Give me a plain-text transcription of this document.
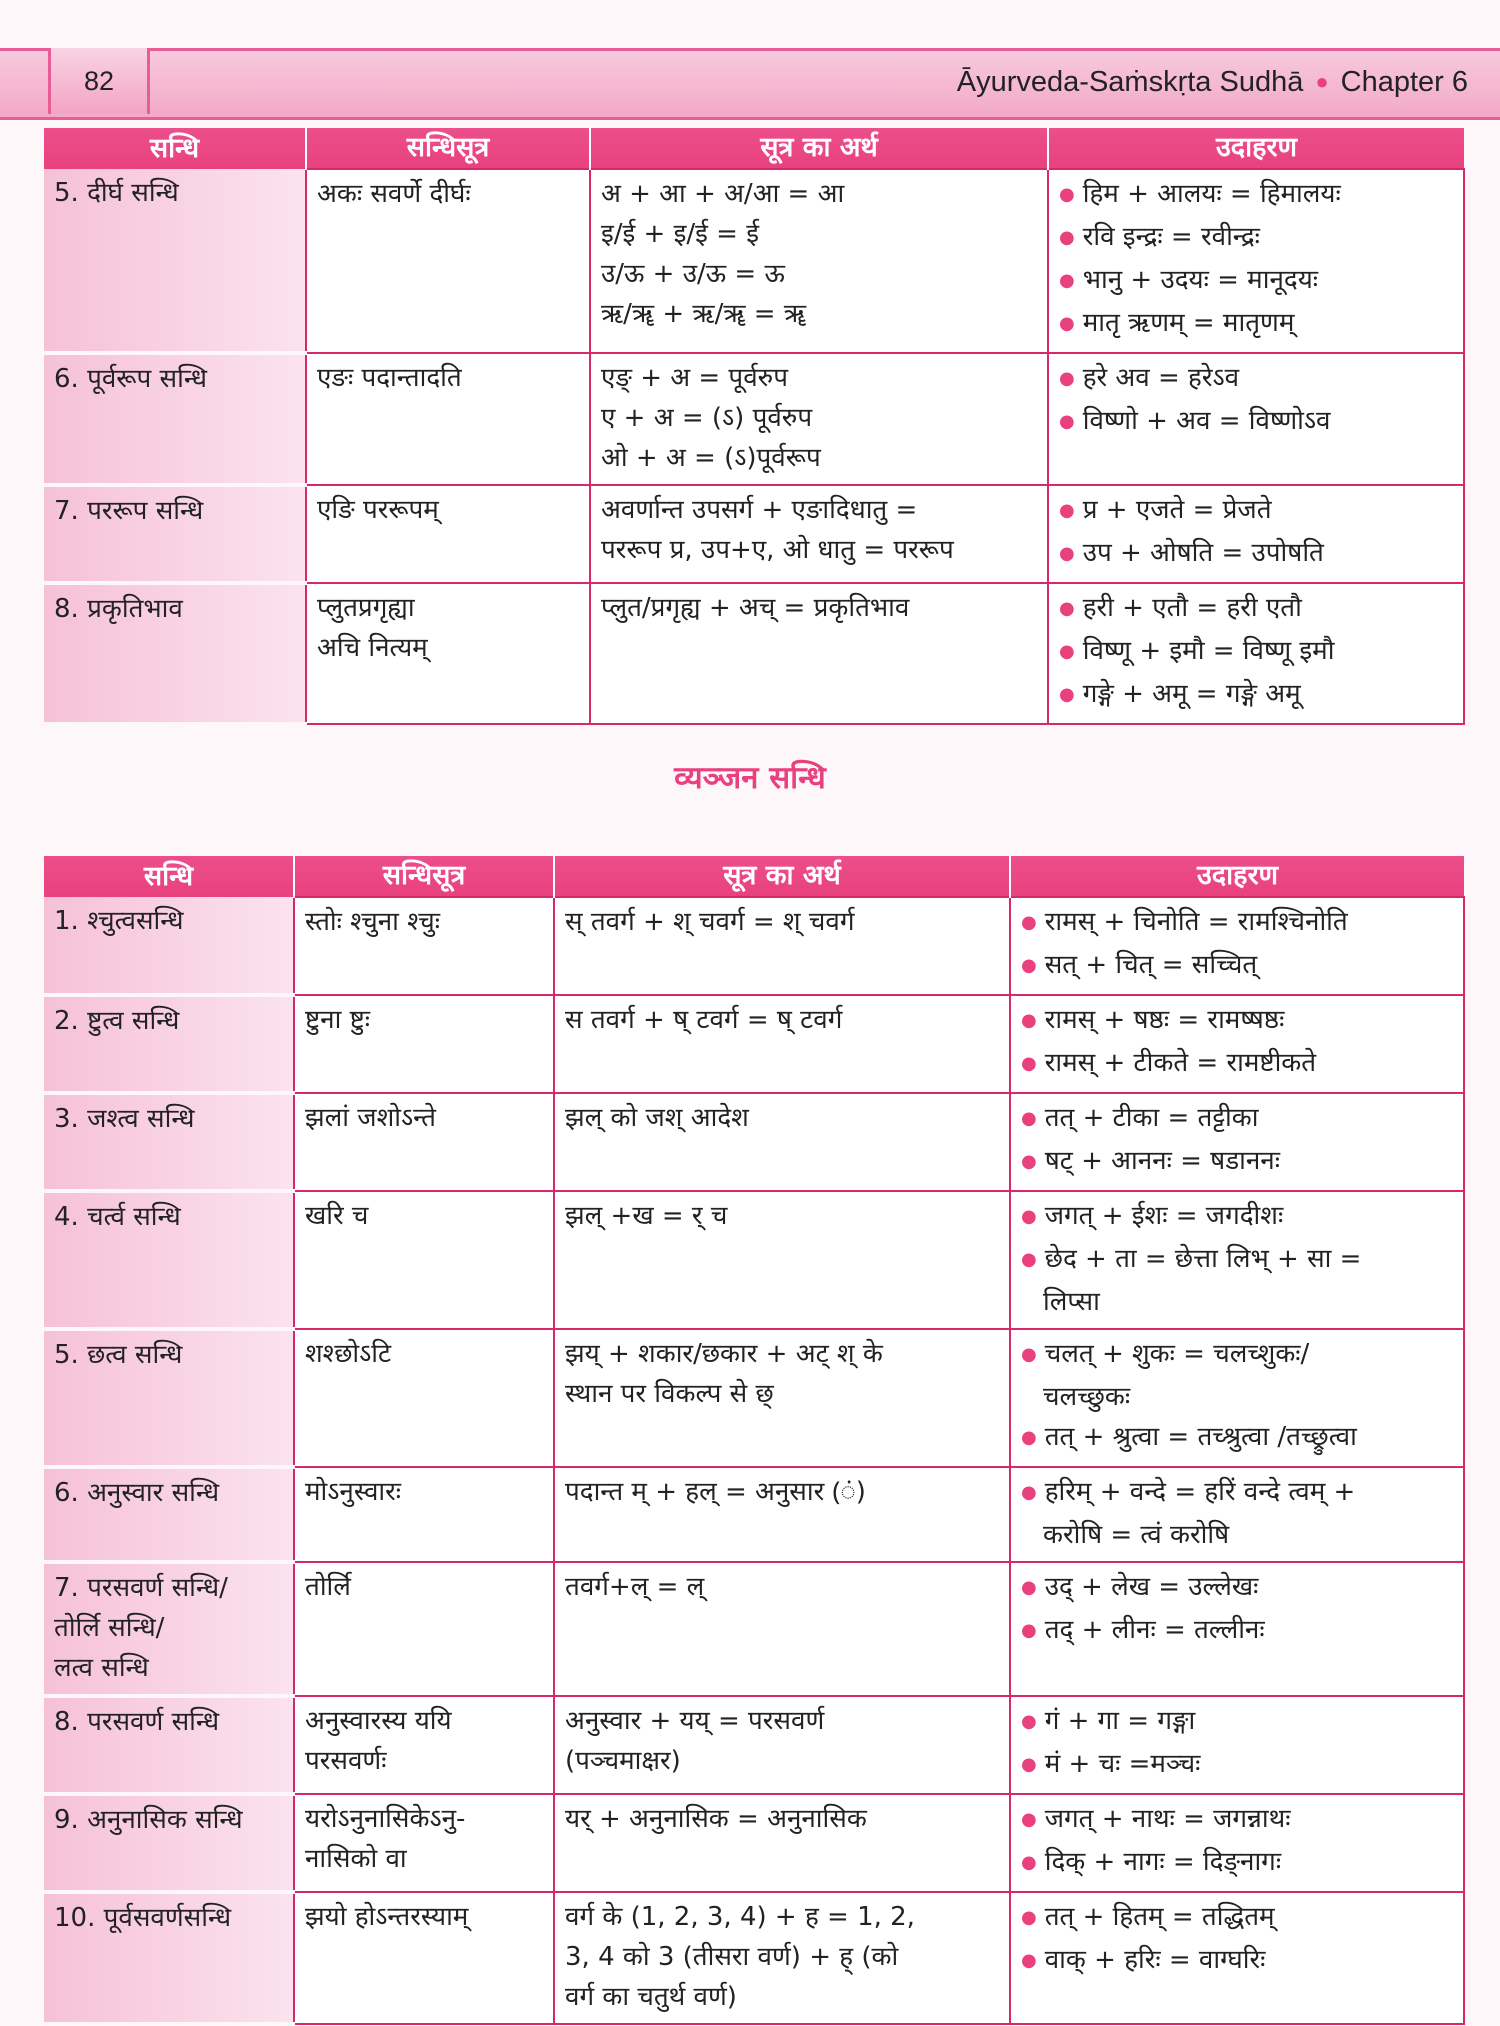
82	Āyurveda-Saṁskṛta Sudhā ● Chapter 6
सन्धि	सन्धिसूत्र	सूत्र का अर्थ	उदाहरण

5. दीर्घ सन्धि	अकः सवर्णे दीर्घः	अ + आ + अ/आ = आ
इ/ई + इ/ई = ई
उ/ऊ + उ/ऊ = ऊ
ऋ/ॠ + ऋ/ॠ = ॠ	● हिम + आलयः = हिमालयः
● रवि इन्द्रः = रवीन्द्रः
● भानु + उदयः = मानूदयः
● मातृ ऋणम् = मातृणम्

6. पूर्वरूप सन्धि	एङः पदान्तादति	एङ् + अ = पूर्वरुप
ए + अ = (ऽ) पूर्वरुप
ओ + अ = (ऽ)पूर्वरूप	● हरे अव = हरेऽव
● विष्णो + अव = विष्णोऽव

7. पररूप सन्धि	एङि पररूपम्	अवर्णान्त उपसर्ग + एङादिधातु =
पररूप प्र, उप+ए, ओ धातु = पररूप	● प्र + एजते = प्रेजते
● उप + ओषति = उपोषति

8. प्रकृतिभाव	प्लुतप्रगृह्या
अचि नित्यम्	प्लुत/प्रगृह्य + अच् = प्रकृतिभाव	● हरी + एतौ = हरी एतौ
● विष्णू + इमौ = विष्णू इमौ
● गङ्गे + अमू = गङ्गे अमू
व्यञ्जन सन्धि
सन्धि	सन्धिसूत्र	सूत्र का अर्थ	उदाहरण

1. श्चुत्वसन्धि	स्तोः श्चुना श्चुः	स् तवर्ग + श् चवर्ग = श् चवर्ग	● रामस् + चिनोति = रामश्चिनोति
● सत् + चित् = सच्चित्

2. ष्टुत्व सन्धि	ष्टुना ष्टुः	स तवर्ग + ष् टवर्ग = ष् टवर्ग	● रामस् + षष्ठः = रामष्षष्ठः
● रामस् + टीकते = रामष्टीकते

3. जश्त्व सन्धि	झलां जशोऽन्ते	झल् को जश् आदेश	● तत् + टीका = तट्टीका
● षट् + आननः = षडाननः

4. चर्त्व सन्धि	खरि च	झल् +ख = र् च	● जगत् + ईशः = जगदीशः
● छेद + ता = छेत्ता लिभ् + सा =
लिप्सा

5. छत्व सन्धि	शश्छोऽटि	झय् + शकार/छकार + अट् श् के
स्थान पर विकल्प से छ्	● चलत् + शुकः = चलच्शुकः/
चलच्छुकः
● तत् + श्रुत्वा = तच्श्रुत्वा /तच्छ्रुत्वा

6. अनुस्वार सन्धि	मोऽनुस्वारः	पदान्त म् + हल् = अनुसार (ं)	● हरिम् + वन्दे = हरिं वन्दे त्वम् +
करोषि = त्वं करोषि

7. परसवर्ण सन्धि/
तोर्लि सन्धि/
लत्व सन्धि	तोर्लि	तवर्ग+ल् = ल्	● उद् + लेख = उल्लेखः
● तद् + लीनः = तल्लीनः

8. परसवर्ण सन्धि	अनुस्वारस्य ययि
परसवर्णः	अनुस्वार + यय् = परसवर्ण
(पञ्चमाक्षर)	● गं + गा = गङ्गा
● मं + चः =मञ्चः

9. अनुनासिक सन्धि	यरोऽनुनासिकेऽनु-
नासिको वा	यर् + अनुनासिक = अनुनासिक	● जगत् + नाथः = जगन्नाथः
● दिक् + नागः = दिङ्नागः

10. पूर्वसवर्णसन्धि	झयो होऽन्तरस्याम्	वर्ग के (1, 2, 3, 4) + ह = 1, 2,
3, 4 को 3 (तीसरा वर्ण) + ह् (को
वर्ग का चतुर्थ वर्ण)	● तत् + हितम् = तद्धितम्
● वाक् + हरिः = वाग्घरिः
